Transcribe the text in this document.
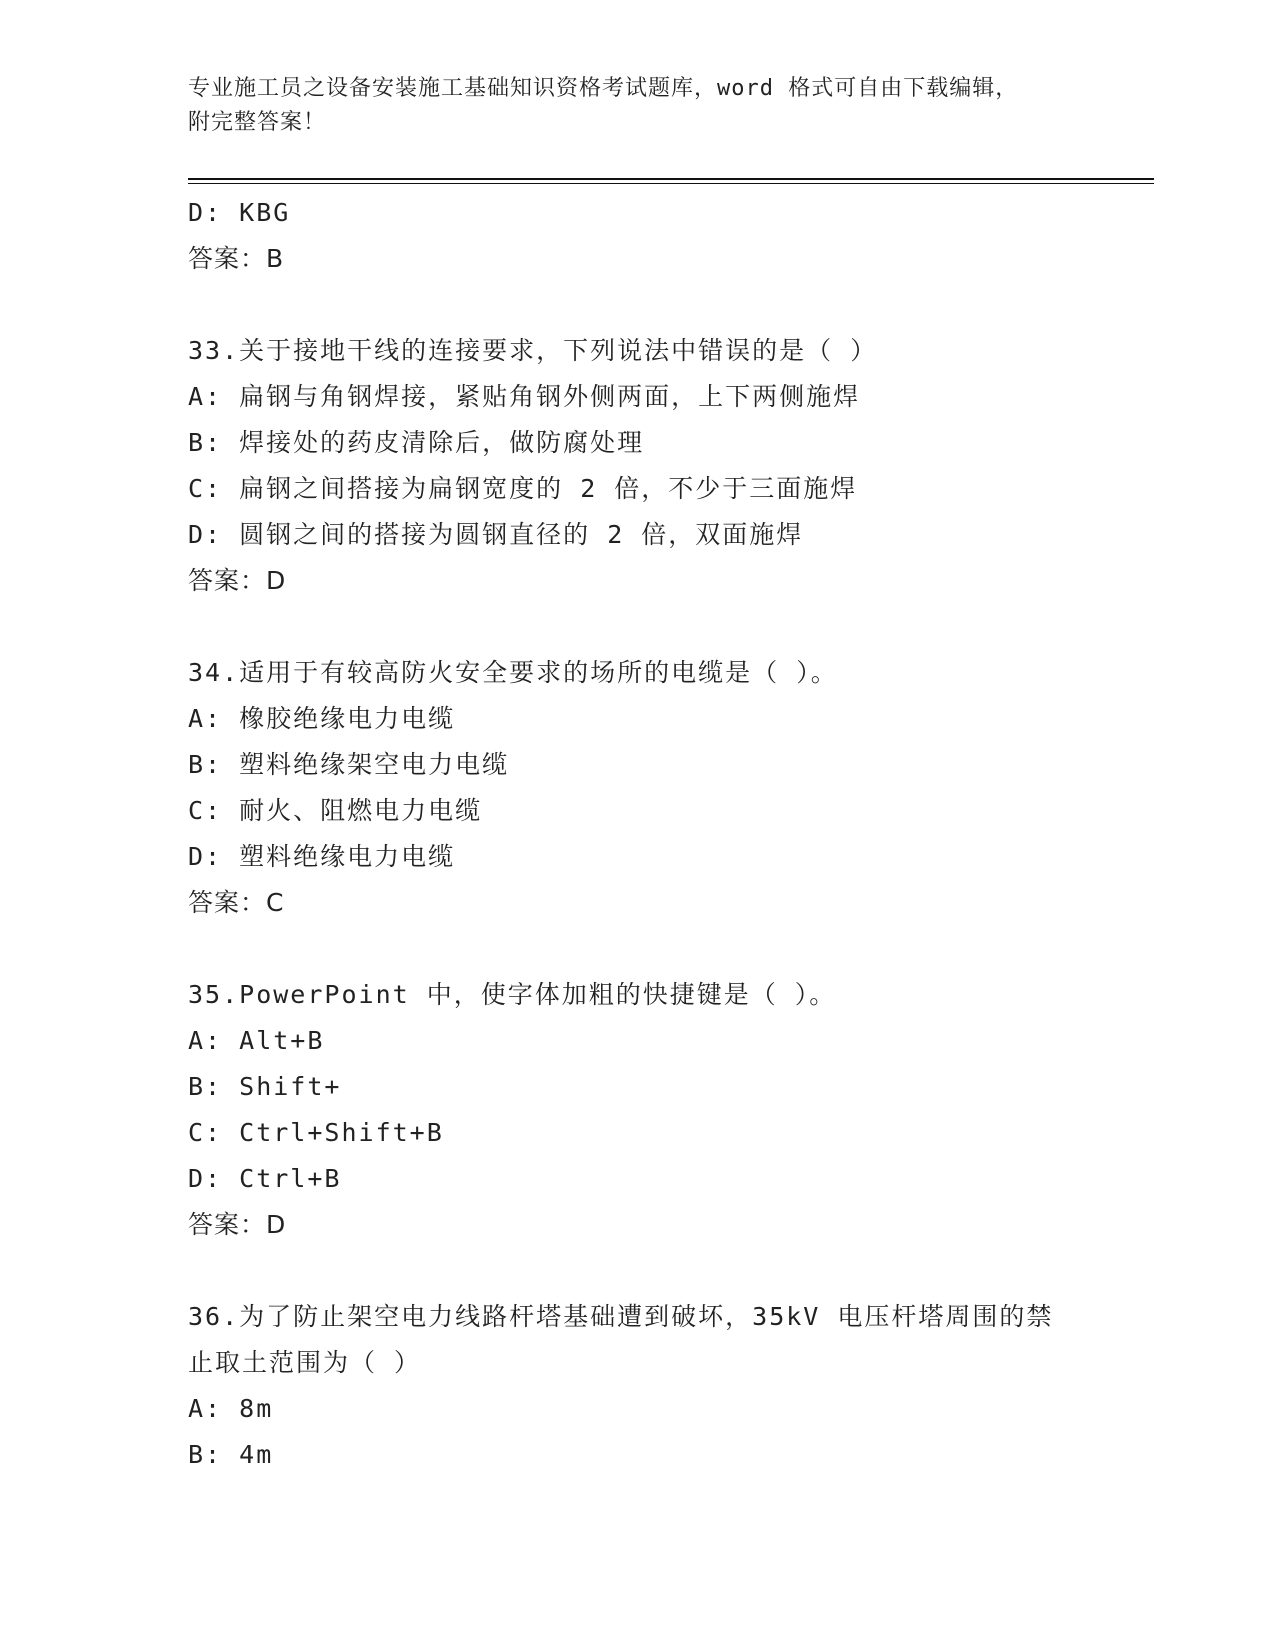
专业施工员之设备安装施工基础知识资格考试题库，word 格式可自由下载编辑，
附完整答案！
D: KBG
答案：B
33.关于接地干线的连接要求，下列说法中错误的是（ ）
A: 扁钢与角钢焊接，紧贴角钢外侧两面，上下两侧施焊
B: 焊接处的药皮清除后，做防腐处理
C: 扁钢之间搭接为扁钢宽度的 2 倍，不少于三面施焊
D: 圆钢之间的搭接为圆钢直径的 2 倍，双面施焊
答案：D
34.适用于有较高防火安全要求的场所的电缆是（ ）。
A: 橡胶绝缘电力电缆
B: 塑料绝缘架空电力电缆
C: 耐火、阻燃电力电缆
D: 塑料绝缘电力电缆
答案：C
35.PowerPoint 中，使字体加粗的快捷键是（ ）。
A: Alt+B
B: Shift+
C: Ctrl+Shift+B
D: Ctrl+B
答案：D
36.为了防止架空电力线路杆塔基础遭到破坏，35kV 电压杆塔周围的禁
止取土范围为（ ）
A: 8m
B: 4m
